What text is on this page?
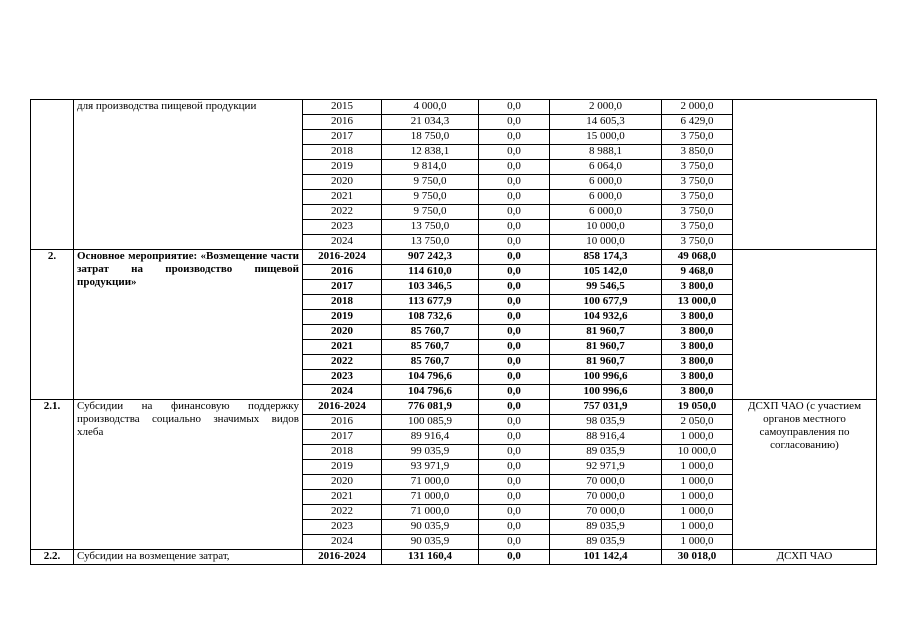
	для производства пищевой продукции	2015	4 000,0	0,0	2 000,0	2 000,0	
		2016	21 034,3	0,0	14 605,3	6 429,0	
		2017	18 750,0	0,0	15 000,0	3 750,0	
		2018	12 838,1	0,0	8 988,1	3 850,0	
		2019	9 814,0	0,0	6 064,0	3 750,0	
		2020	9 750,0	0,0	6 000,0	3 750,0	
		2021	9 750,0	0,0	6 000,0	3 750,0	
		2022	9 750,0	0,0	6 000,0	3 750,0	
		2023	13 750,0	0,0	10 000,0	3 750,0	
		2024	13 750,0	0,0	10 000,0	3 750,0	
2.	Основное мероприятие: «Возмещение части затрат на производство пищевой продукции»	2016-2024	907 242,3	0,0	858 174,3	49 068,0	
		2016	114 610,0	0,0	105 142,0	9 468,0	
		2017	103 346,5	0,0	99 546,5	3 800,0	
		2018	113 677,9	0,0	100 677,9	13 000,0	
		2019	108 732,6	0,0	104 932,6	3 800,0	
		2020	85 760,7	0,0	81 960,7	3 800,0	
		2021	85 760,7	0,0	81 960,7	3 800,0	
		2022	85 760,7	0,0	81 960,7	3 800,0	
		2023	104 796,6	0,0	100 996,6	3 800,0	
		2024	104 796,6	0,0	100 996,6	3 800,0	
2.1.	Субсидии на финансовую поддержку производства социально значимых видов хлеба	2016-2024	776 081,9	0,0	757 031,9	19 050,0	ДСХП ЧАО (с участием органов местного самоуправления по согласованию)
		2016	100 085,9	0,0	98 035,9	2 050,0	
		2017	89 916,4	0,0	88 916,4	1 000,0	
		2018	99 035,9	0,0	89 035,9	10 000,0	
		2019	93 971,9	0,0	92 971,9	1 000,0	
		2020	71 000,0	0,0	70 000,0	1 000,0	
		2021	71 000,0	0,0	70 000,0	1 000,0	
		2022	71 000,0	0,0	70 000,0	1 000,0	
		2023	90 035,9	0,0	89 035,9	1 000,0	
		2024	90 035,9	0,0	89 035,9	1 000,0	
2.2.	Субсидии на возмещение затрат,	2016-2024	131 160,4	0,0	101 142,4	30 018,0	ДСХП ЧАО
